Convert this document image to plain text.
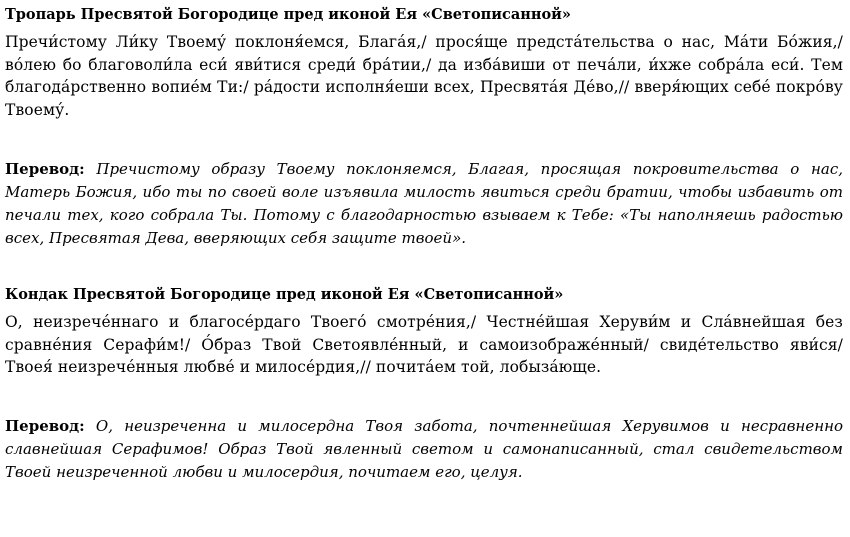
Тропарь Пресвятой Богородице пред иконой Ея «Светописанной»

Пречи́стому Ли́ку Твоему́ поклоня́емся, Блага́я,/ прося́ще предста́тельства о нас, Ма́ти Бо́жия,/ во́лею бо благоволи́ла еси́ яви́тися среди́ бра́тии,/ да изба́виши от печа́ли, и́хже собра́ла еси́. Тем благода́рственно вопие́м Ти:/ ра́дости исполня́еши всех, Пресвята́я Де́во,// вверя́ющих себе́ покро́ву Твоему́.

Перевод: Пречистому образу Твоему поклоняемся, Благая, просящая покровительства о нас, Матерь Божия, ибо ты по своей воле изъявила милость явиться среди братии, чтобы избавить от печали тех, кого собрала Ты. Потому с благодарностью взываем к Тебе: «Ты наполняешь радостью всех, Пресвятая Дева, вверяющих себя защите твоей».

Кондак Пресвятой Богородице пред иконой Ея «Светописанной»

О, неизрече́ннаго и благосе́рдаго Твоего́ смотре́ния,/ Честне́йшая Херуви́м и Сла́внейшая без сравне́ния Серафи́м!/ О́браз Твой Светоявле́нный, и самоизображе́нный/ свиде́тельство яви́ся/ Твоея́ неизрече́нныя любве́ и милосе́рдия,// почита́ем той, лобыза́юще.

Перевод: О, неизреченна и милосердна Твоя забота, почтеннейшая Херувимов и несравненно славнейшая Серафимов! Образ Твой явленный светом и самонаписанный, стал свидетельством Твоей неизреченной любви и милосердия, почитаем его, целуя.
